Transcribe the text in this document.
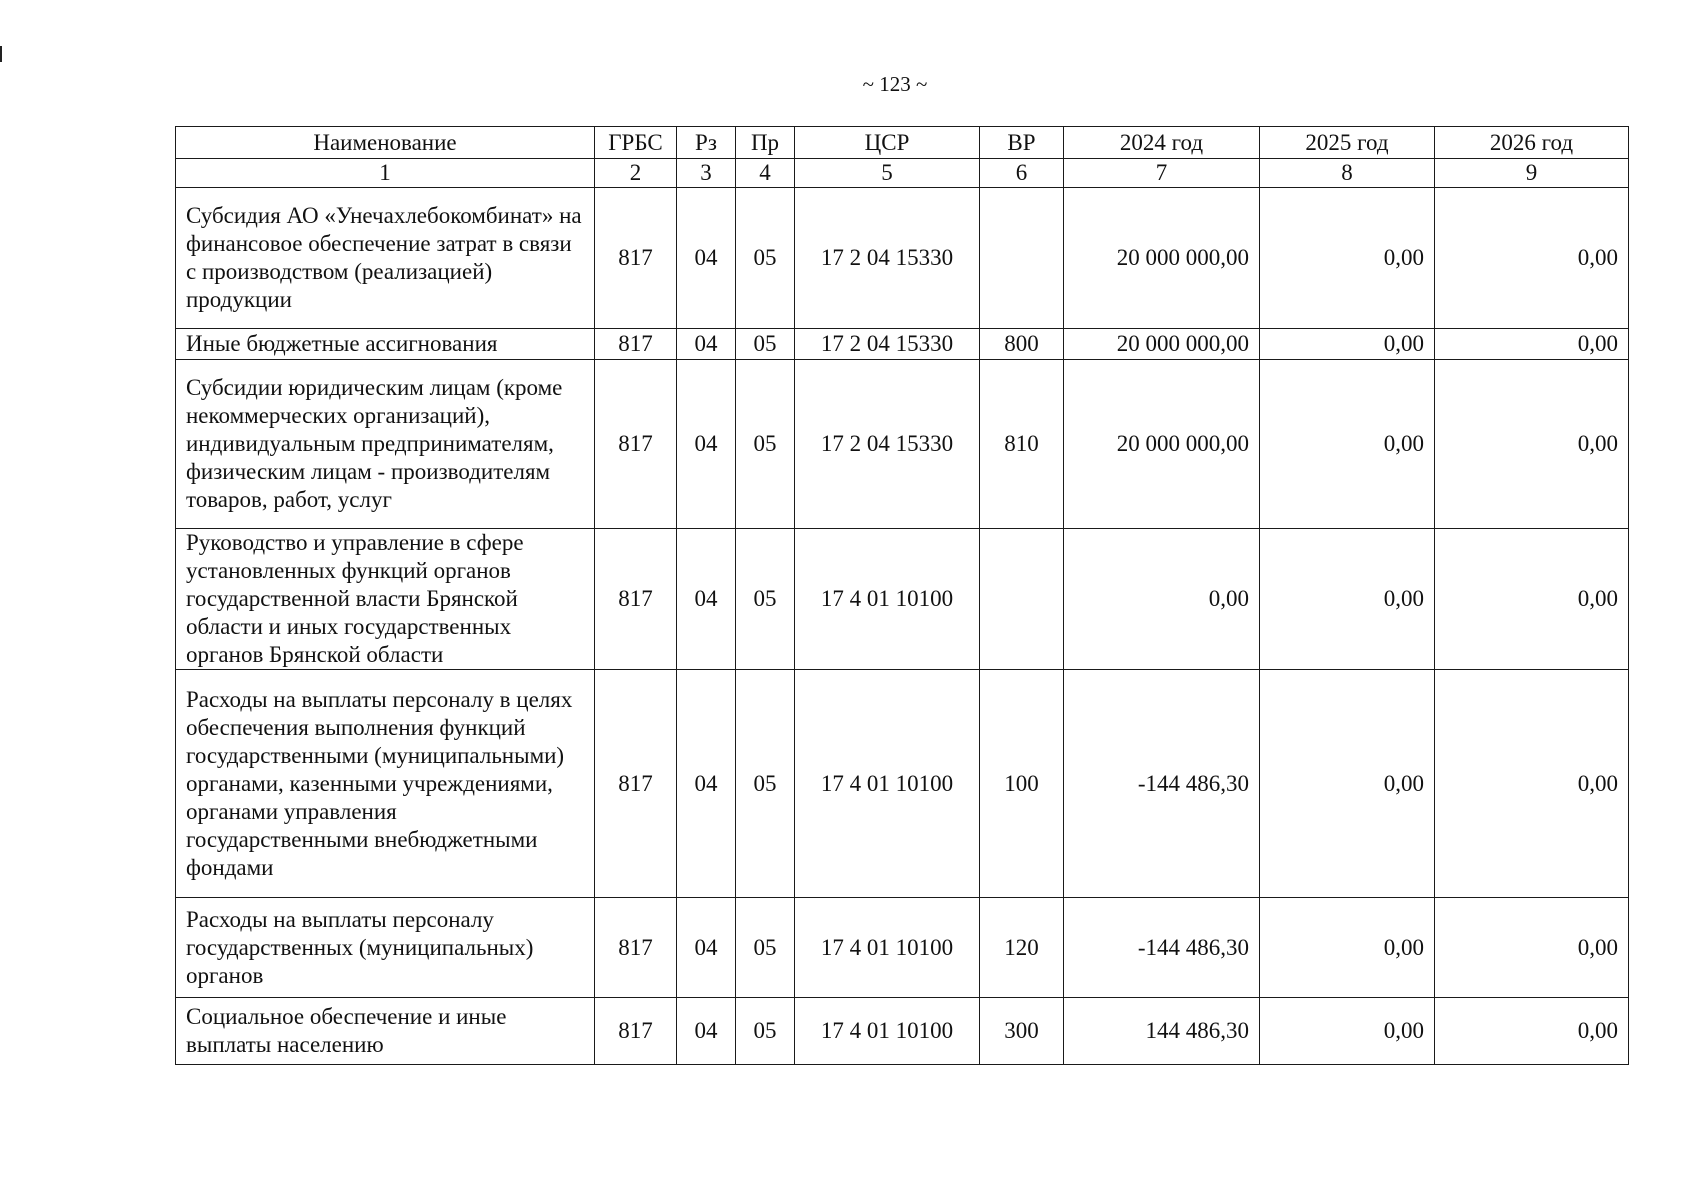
~ 123 ~
Наименование	ГРБС	Рз	Пр	ЦСР	ВР	2024 год	2025 год	2026 год
1	2	3	4	5	6	7	8	9
Субсидия АО «Унечахлебокомбинат» на финансовое обеспечение затрат в связи с производством (реализацией) продукции	817	04	05	17 2 04 15330		20 000 000,00	0,00	0,00
Иные бюджетные ассигнования	817	04	05	17 2 04 15330	800	20 000 000,00	0,00	0,00
Субсидии юридическим лицам (кроме некоммерческих организаций), индивидуальным предпринимателям, физическим лицам - производителям товаров, работ, услуг	817	04	05	17 2 04 15330	810	20 000 000,00	0,00	0,00
Руководство и управление в сфере установленных функций органов государственной власти Брянской области и иных государственных органов Брянской области	817	04	05	17 4 01 10100		0,00	0,00	0,00
Расходы на выплаты персоналу в целях обеспечения выполнения функций государственными (муниципальными) органами, казенными учреждениями, органами управления государственными внебюджетными фондами	817	04	05	17 4 01 10100	100	-144 486,30	0,00	0,00
Расходы на выплаты персоналу государственных (муниципальных) органов	817	04	05	17 4 01 10100	120	-144 486,30	0,00	0,00
Социальное обеспечение и иные выплаты населению	817	04	05	17 4 01 10100	300	144 486,30	0,00	0,00
